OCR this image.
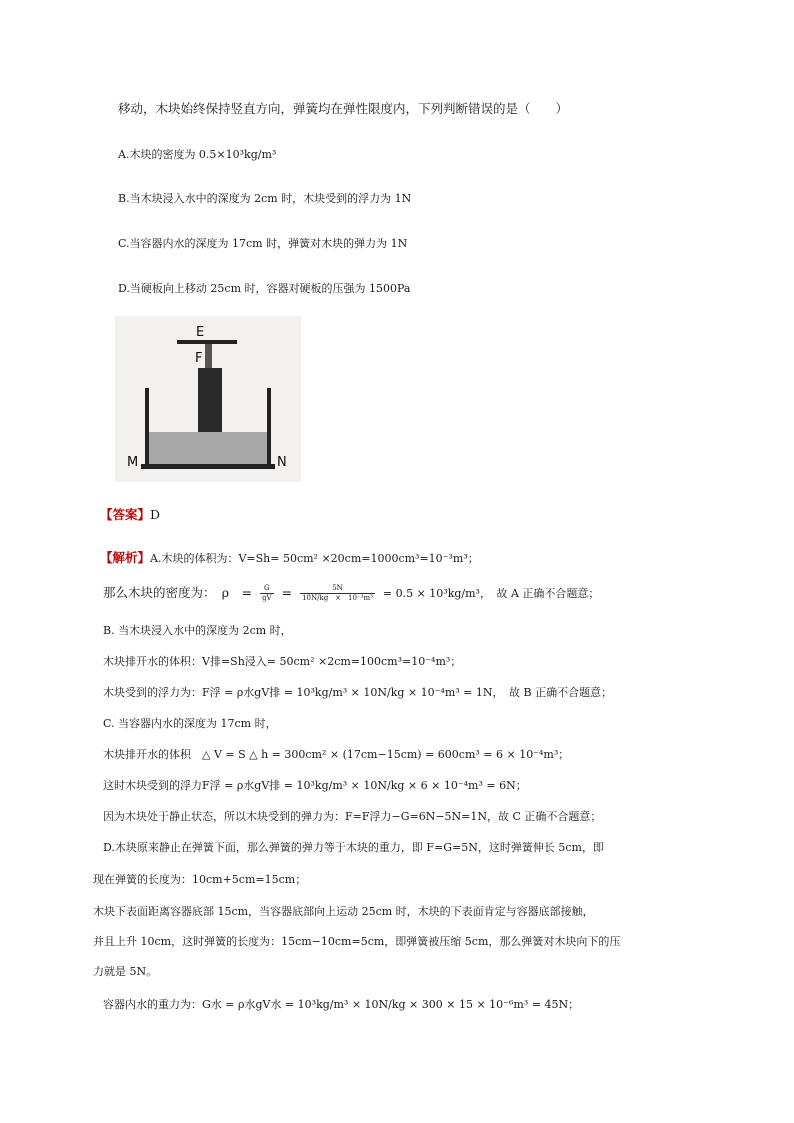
移动，木块始终保持竖直方向，弹簧均在弹性限度内，下列判断错误的是（　　）
A.木块的密度为 0.5×10³kg/m³
B.当木块浸入水中的深度为 2cm 时，木块受到的浮力为 1N
C.当容器内水的深度为 17cm 时，弹簧对木块的弹力为 1N
D.当硬板向上移动 25cm 时，容器对硬板的压强为 1500Pa
E
F
M	N
【答案】D
【解析】A.木块的体积为：V=Sh= 50cm² ×20cm=1000cm³=10⁻³m³；
那么木块的密度为：　ρ　= $\frac{G}{gV} = \frac{5N}{\text{10N/kg　×　10⁻³m³}} = 0.5 \times 10^3kg/m^3$，　故 A 正确不合题意；
B. 当木块浸入水中的深度为 2cm 时，
木块排开水的体积：V排=Sh浸入= 50cm² ×2cm=100cm³=10⁻⁴m³；
木块受到的浮力为：F浮 = ρ水gV排 = 10³kg/m³ × 10N/kg × 10⁻⁴m³ = 1N，　故 B 正确不合题意；
C. 当容器内水的深度为 17cm 时，
木块排开水的体积　△ V = S △ h = 300cm² × (17cm−15cm) = 600cm³ = 6 × 10⁻⁴m³；
这时木块受到的浮力F浮 = ρ水gV排 = 10³kg/m³ × 10N/kg × 6 × 10⁻⁴m³ = 6N；
因为木块处于静止状态，所以木块受到的弹力为：F=F浮力−G=6N−5N=1N，故 C 正确不合题意；
D.木块原来静止在弹簧下面，那么弹簧的弹力等于木块的重力，即 F=G=5N，这时弹簧伸长 5cm，即
现在弹簧的长度为：10cm+5cm=15cm；
木块下表面距离容器底部 15cm，当容器底部向上运动 25cm 时，木块的下表面肯定与容器底部接触，
并且上升 10cm，这时弹簧的长度为：15cm−10cm=5cm，即弹簧被压缩 5cm，那么弹簧对木块向下的压
力就是 5N。
容器内水的重力为：G水 = ρ水gV水 = 10³kg/m³ × 10N/kg × 300 × 15 × 10⁻⁶m³ = 45N；
